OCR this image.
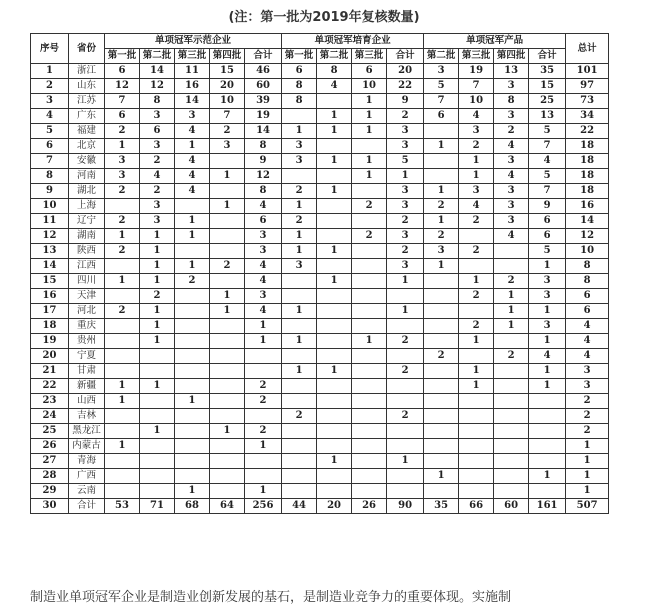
(注：第一批为2019年复核数量)
序号	省份	单项冠军示范企业					单项冠军培育企业				单项冠军产品				总计
		第一批	第二批	第三批	第四批	合计	第一批	第二批	第三批	合计	第二批	第三批	第四批	合计	
1	浙江	6	14	11	15	46	6	8	6	20	3	19	13	35	101
2	山东	12	12	16	20	60	8	4	10	22	5	7	3	15	97
3	江苏	7	8	14	10	39	8		1	9	7	10	8	25	73
4	广东	6	3	3	7	19		1	1	2	6	4	3	13	34
5	福建	2	6	4	2	14	1	1	1	3		3	2	5	22
6	北京	1	3	1	3	8	3			3	1	2	4	7	18
7	安徽	3	2	4		9	3	1	1	5		1	3	4	18
8	河南	3	4	4	1	12			1	1		1	4	5	18
9	湖北	2	2	4		8	2	1		3	1	3	3	7	18
10	上海		3		1	4	1		2	3	2	4	3	9	16
11	辽宁	2	3	1		6	2			2	1	2	3	6	14
12	湖南	1	1	1		3	1		2	3	2		4	6	12
13	陕西	2	1			3	1	1		2	3	2		5	10
14	江西		1	1	2	4	3			3	1			1	8
15	四川	1	1	2		4		1		1		1	2	3	8
16	天津		2		1	3						2	1	3	6
17	河北	2	1		1	4	1			1			1	1	6
18	重庆		1			1						2	1	3	4
19	贵州		1			1	1		1	2		1		1	4
20	宁夏										2		2	4	4
21	甘肃						1	1		2		1		1	3
22	新疆	1	1			2						1		1	3
23	山西	1		1		2									2
24	吉林						2			2					2
25	黑龙江		1		1	2									2
26	内蒙古	1				1									1
27	青海							1		1					1
28	广西										1			1	1
29	云南			1		1									1
30	合计	53	71	68	64	256	44	20	26	90	35	66	60	161	507
制造业单项冠军企业是制造业创新发展的基石，是制造业竞争力的重要体现。实施制
